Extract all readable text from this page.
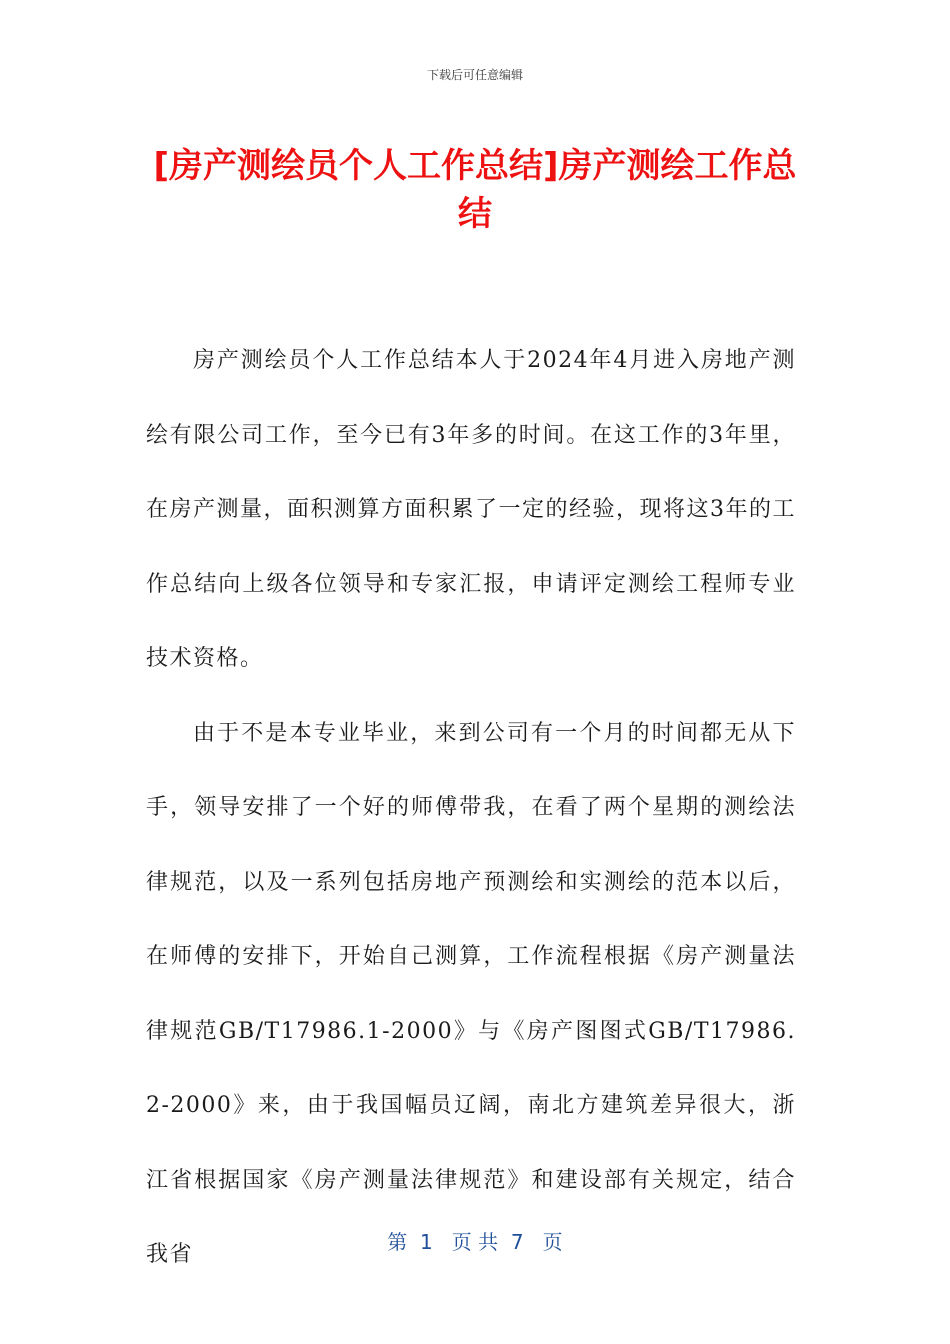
下载后可任意编辑
[房产测绘员个人工作总结]房产测绘工作总结

房产测绘员个人工作总结本人于2024年4月进入房地产测绘有限公司工作，至今已有3年多的时间。在这工作的3年里，在房产测量，面积测算方面积累了一定的经验，现将这3年的工作总结向上级各位领导和专家汇报，申请评定测绘工程师专业技术资格。

由于不是本专业毕业，来到公司有一个月的时间都无从下手，领导安排了一个好的师傅带我，在看了两个星期的测绘法律规范，以及一系列包括房地产预测绘和实测绘的范本以后，在师傅的安排下，开始自己测算，工作流程根据《房产测量法律规范GB/T17986.1-2000》与《房产图图式GB/T17986.2-2000》来，由于我国幅员辽阔，南北方建筑差异很大，浙江省根据国家《房产测量法律规范》和建设部有关规定，结合我省	第  1   页 共  7   页
